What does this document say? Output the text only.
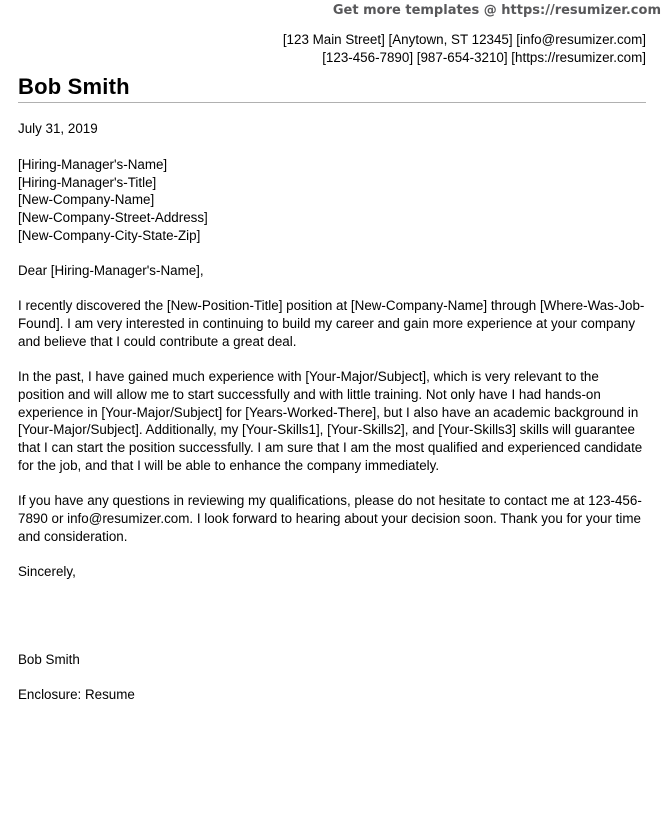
Get more templates @ https://resumizer.com
[123 Main Street] [Anytown, ST 12345] [info@resumizer.com]
[123-456-7890] [987-654-3210] [https://resumizer.com]
Bob Smith

July 31, 2019

[Hiring-Manager's-Name]
[Hiring-Manager's-Title]
[New-Company-Name]
[New-Company-Street-Address]
[New-Company-City-State-Zip]

Dear [Hiring-Manager's-Name],

I recently discovered the [New-Position-Title] position at [New-Company-Name] through [Where-Was-Job-Found]. I am very interested in continuing to build my career and gain more experience at your company and believe that I could contribute a great deal.

In the past, I have gained much experience with [Your-Major/Subject], which is very relevant to the position and will allow me to start successfully and with little training. Not only have I had hands-on experience in [Your-Major/Subject] for [Years-Worked-There], but I also have an academic background in [Your-Major/Subject]. Additionally, my [Your-Skills1], [Your-Skills2], and [Your-Skills3] skills will guarantee that I can start the position successfully. I am sure that I am the most qualified and experienced candidate for the job, and that I will be able to enhance the company immediately.

If you have any questions in reviewing my qualifications, please do not hesitate to contact me at 123-456-7890 or info@resumizer.com. I look forward to hearing about your decision soon. Thank you for your time and consideration.

Sincerely,

Bob Smith

Enclosure: Resume
